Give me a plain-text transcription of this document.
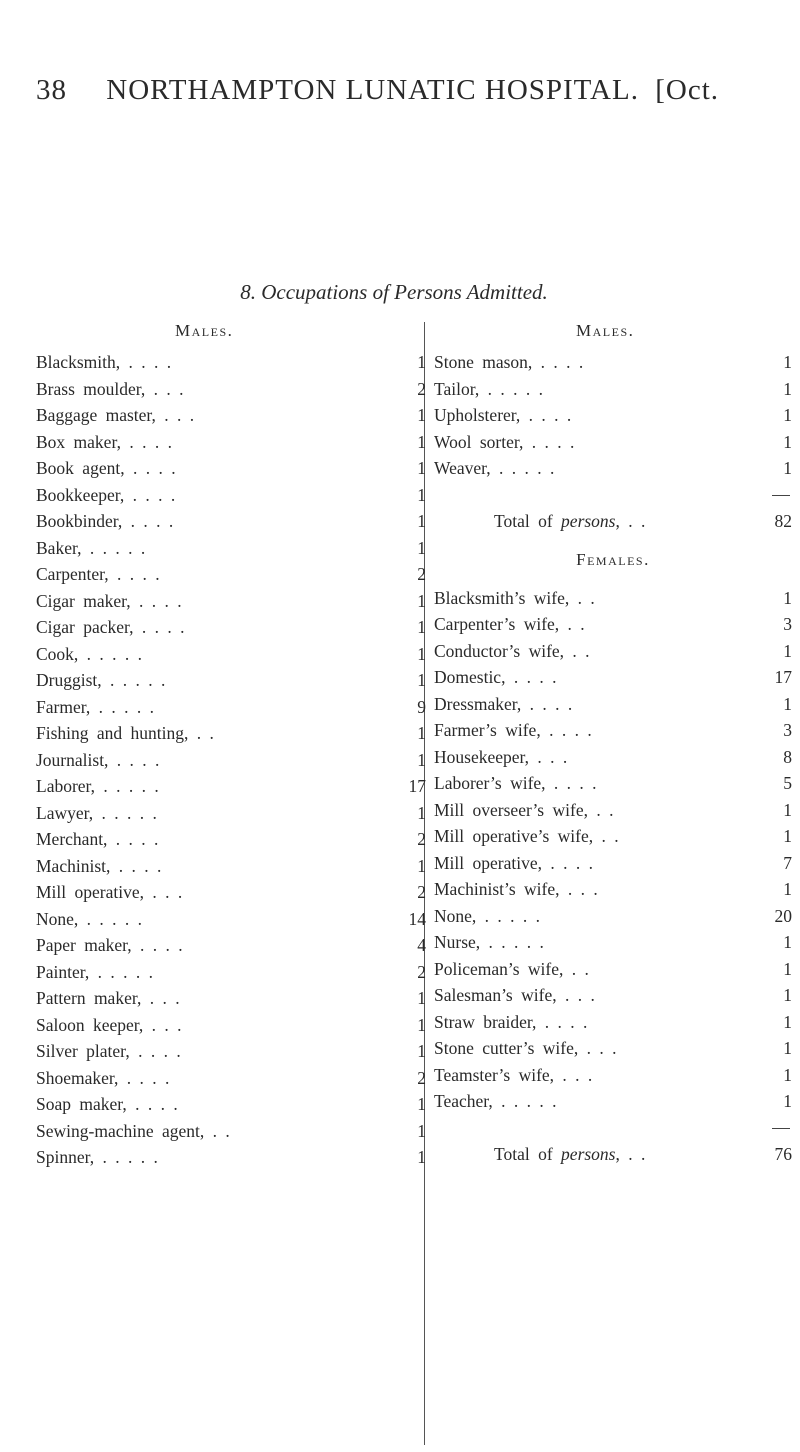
38 NORTHAMPTON LUNATIC HOSPITAL. [Oct.
8. Occupations of Persons Admitted.
Males.	Males.
Blacksmith, . . . .	1
Brass moulder, . . .	2
Baggage master, . . .	1
Box maker, . . . .	1
Book agent, . . . .	1
Bookkeeper, . . . .	1
Bookbinder, . . . .	1
Baker, . . . . .	1
Carpenter, . . . .	2
Cigar maker, . . . .	1
Cigar packer, . . . .	1
Cook, . . . . .	1
Druggist, . . . . .	1
Farmer, . . . . .	9
Fishing and hunting, . .	1
Journalist, . . . .	1
Laborer, . . . . .	17
Lawyer, . . . . .	1
Merchant, . . . .	2
Machinist, . . . .	1
Mill operative, . . .	2
None, . . . . .	14
Paper maker, . . . .	4
Painter, . . . . .	2
Pattern maker, . . .	1
Saloon keeper, . . .	1
Silver plater, . . . .	1
Shoemaker, . . . .	2
Soap maker, . . . .	1
Sewing-machine agent, . .	1
Spinner, . . . . .	1
Stone mason, . . . .	1
Tailor, . . . . .	1
Upholsterer, . . . .	1
Wool sorter, . . . .	1
Weaver, . . . . .	1
Total of persons, . .	82
Females.
Blacksmith’s wife, . .	1
Carpenter’s wife, . .	3
Conductor’s wife, . .	1
Domestic, . . . .	17
Dressmaker, . . . .	1
Farmer’s wife, . . . .	3
Housekeeper, . . .	8
Laborer’s wife, . . . .	5
Mill overseer’s wife, . .	1
Mill operative’s wife, . .	1
Mill operative, . . . .	7
Machinist’s wife, . . .	1
None, . . . . .	20
Nurse, . . . . .	1
Policeman’s wife, . .	1
Salesman’s wife, . . .	1
Straw braider, . . . .	1
Stone cutter’s wife, . . .	1
Teamster’s wife, . . .	1
Teacher, . . . . .	1
Total of persons, . .	76
